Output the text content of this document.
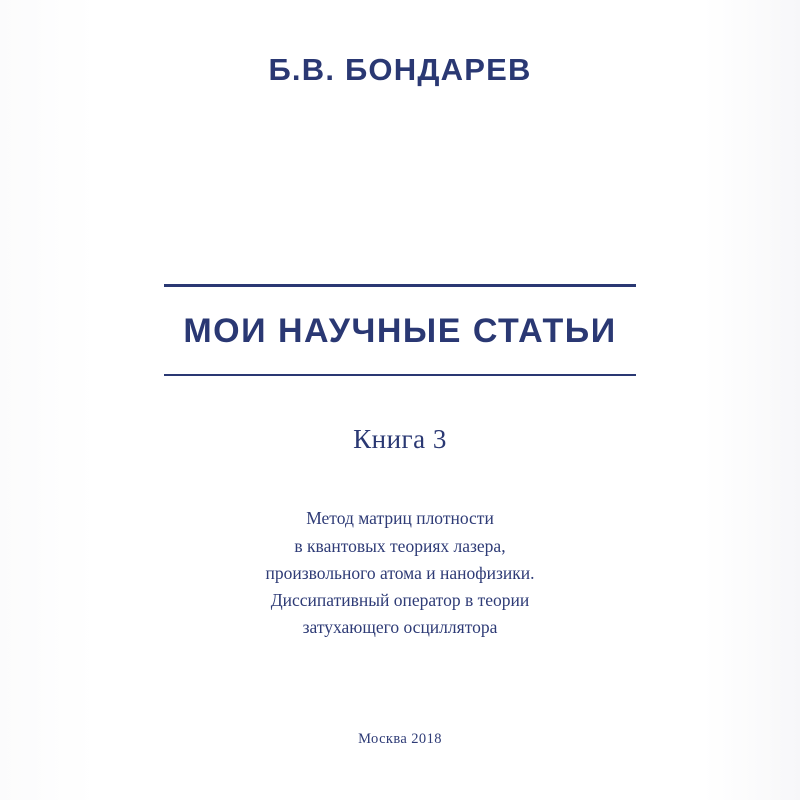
Б.В. БОНДАРЕВ
МОИ НАУЧНЫЕ СТАТЬИ
Книга 3
Метод матриц плотности
в квантовых теориях лазера,
произвольного атома и нанофизики.
Диссипативный оператор в теории
затухающего осциллятора
Москва 2018
